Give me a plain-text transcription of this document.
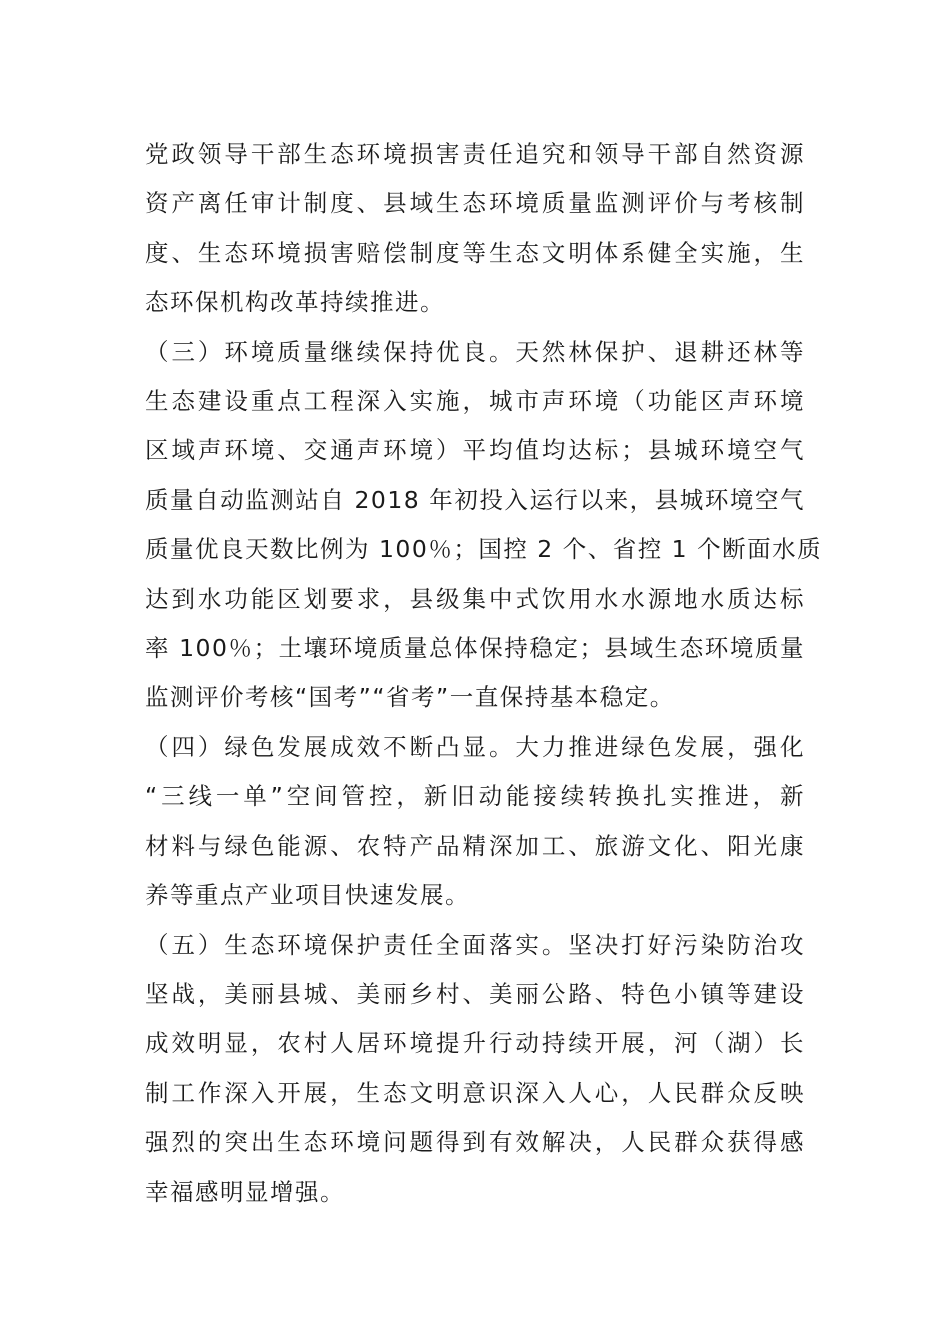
党政领导干部生态环境损害责任追究和领导干部自然资源
资产离任审计制度、县域生态环境质量监测评价与考核制
度、生态环境损害赔偿制度等生态文明体系健全实施，生
态环保机构改革持续推进。

（三）环境质量继续保持优良。天然林保护、退耕还林等
生态建设重点工程深入实施，城市声环境（功能区声环境
区域声环境、交通声环境）平均值均达标；县城环境空气
质量自动监测站自 2018 年初投入运行以来，县城环境空气
质量优良天数比例为 100％；国控 2 个、省控 1 个断面水质
达到水功能区划要求，县级集中式饮用水水源地水质达标
率 100％；土壤环境质量总体保持稳定；县域生态环境质量
监测评价考核“国考”“省考”一直保持基本稳定。

（四）绿色发展成效不断凸显。大力推进绿色发展，强化
“三线一单”空间管控，新旧动能接续转换扎实推进，新
材料与绿色能源、农特产品精深加工、旅游文化、阳光康
养等重点产业项目快速发展。

（五）生态环境保护责任全面落实。坚决打好污染防治攻
坚战，美丽县城、美丽乡村、美丽公路、特色小镇等建设
成效明显，农村人居环境提升行动持续开展，河（湖）长
制工作深入开展，生态文明意识深入人心，人民群众反映
强烈的突出生态环境问题得到有效解决，人民群众获得感
幸福感明显增强。
